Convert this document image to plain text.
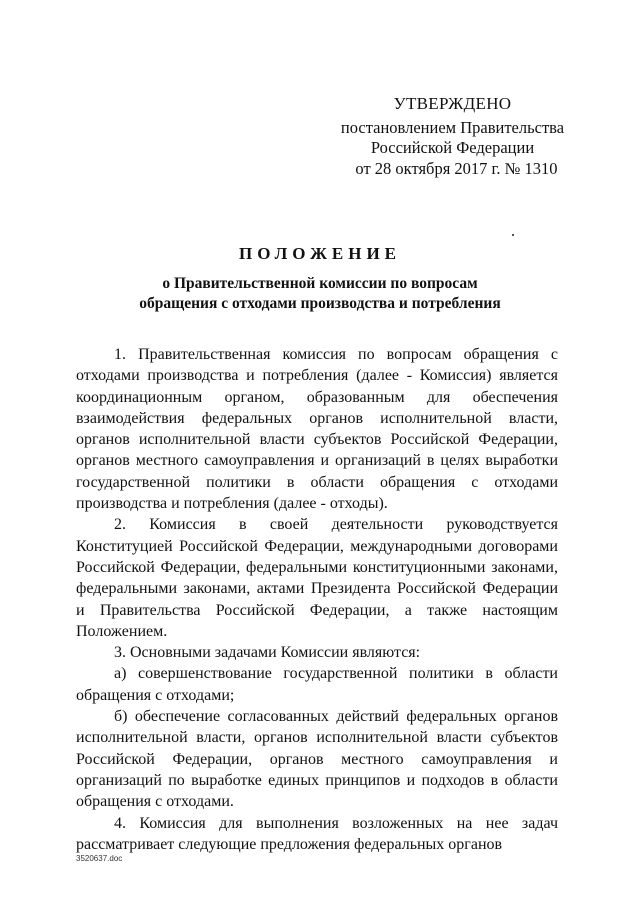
УТВЕРЖДЕНО
постановлением Правительства
Российской Федерации
от 28 октября 2017 г. № 1310
ПОЛОЖЕНИЕ
о Правительственной комиссии по вопросам
обращения с отходами производства и потребления

1. Правительственная комиссия по вопросам обращения с отходами производства и потребления (далее - Комиссия) является координационным органом, образованным для обеспечения взаимодействия федеральных органов исполнительной власти, органов исполнительной власти субъектов Российской Федерации, органов местного самоуправления и организаций в целях выработки государственной политики в области обращения с отходами производства и потребления (далее - отходы).

2. Комиссия в своей деятельности руководствуется Конституцией Российской Федерации, международными договорами Российской Федерации, федеральными конституционными законами, федеральными законами, актами Президента Российской Федерации и Правительства Российской Федерации, а также настоящим Положением.

3. Основными задачами Комиссии являются:

а) совершенствование государственной политики в области обращения с отходами;

б) обеспечение согласованных действий федеральных органов исполнительной власти, органов исполнительной власти субъектов Российской Федерации, органов местного самоуправления и организаций по выработке единых принципов и подходов в области обращения с отходами.

4. Комиссия для выполнения возложенных на нее задач рассматривает следующие предложения федеральных органов

3520637.doc
